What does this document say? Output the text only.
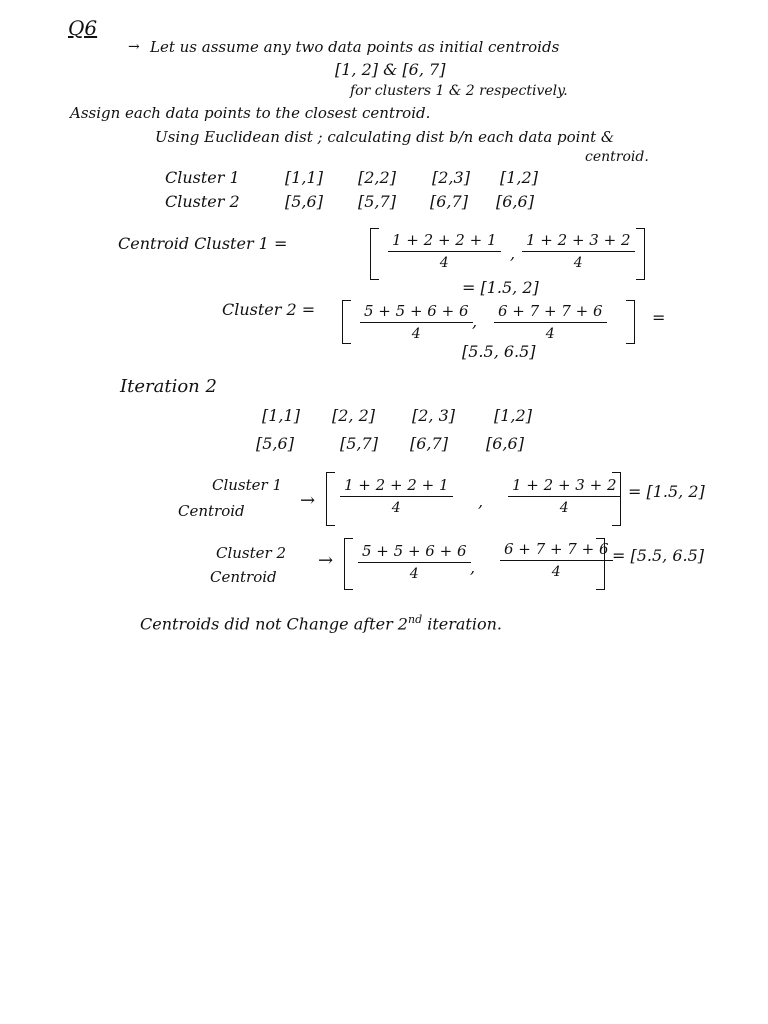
Q6
→ Let us assume any two data points as initial centroids
[1, 2] & [6, 7]
for clusters 1 & 2 respectively.
Assign each data points to the closest centroid.
Using Euclidean dist ; calculating dist b/n each data point &
centroid.
Cluster 1	[1,1] [2,2] [2,3] [1,2]
Cluster 2	[5,6] [5,7] [6,7] [6,6]
Centroid Cluster 1 =	$\frac{1 + 2 + 2 + 1}{4}$ , $\frac{1 + 2 + 3 + 2}{4}$
= [1.5, 2]
Cluster 2 =	$\frac{5 + 5 + 6 + 6}{4}$ , $\frac{6 + 7 + 7 + 6}{4}$	=
[5.5, 6.5]
Iteration 2
[1,1] [2, 2] [2, 3] [1,2]
[5,6]	[5,7] [6,7] [6,6]
Cluster 1
Centroid	→ $\frac{1 + 2 + 2 + 1}{4}$ , $\frac{1 + 2 + 3 + 2}{4} = [1.5$, 2]
Cluster 2
Centroid
→ $\frac{5 + 5 + 6 + 6}{4}$ , $\frac{6 + 7 + 7 + 6}{4} = [5.5$, 6.5]
Centroids did not Change after 2nd iteration.
